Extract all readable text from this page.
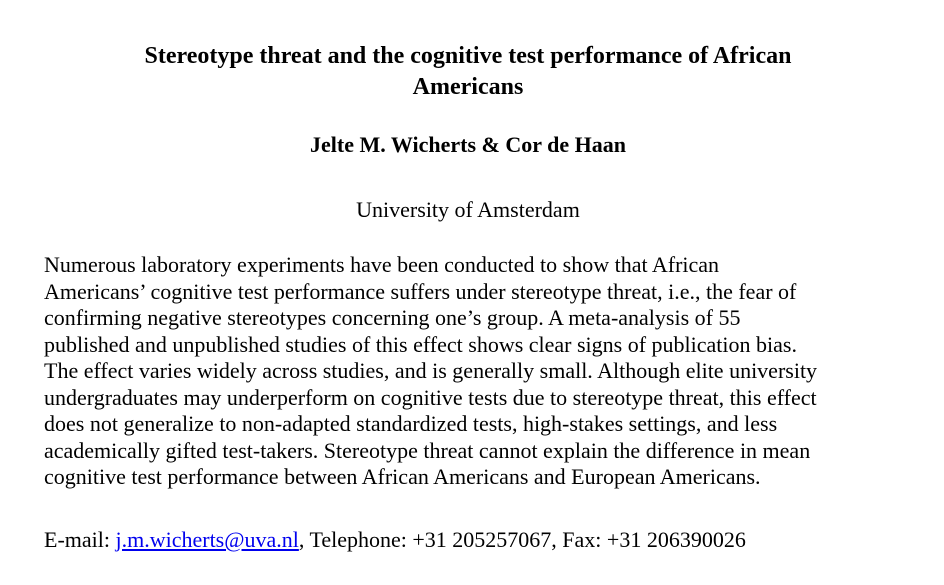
Stereotype threat and the cognitive test performance of African
Americans

Jelte M. Wicherts & Cor de Haan

University of Amsterdam

Numerous laboratory experiments have been conducted to show that African
Americans’ cognitive test performance suffers under stereotype threat, i.e., the fear of
confirming negative stereotypes concerning one’s group. A meta-analysis of 55
published and unpublished studies of this effect shows clear signs of publication bias.
The effect varies widely across studies, and is generally small. Although elite university
undergraduates may underperform on cognitive tests due to stereotype threat, this effect
does not generalize to non-adapted standardized tests, high-stakes settings, and less
academically gifted test-takers. Stereotype threat cannot explain the difference in mean
cognitive test performance between African Americans and European Americans.

E-mail: j.m.wicherts@uva.nl, Telephone: +31 205257067, Fax: +31 206390026
